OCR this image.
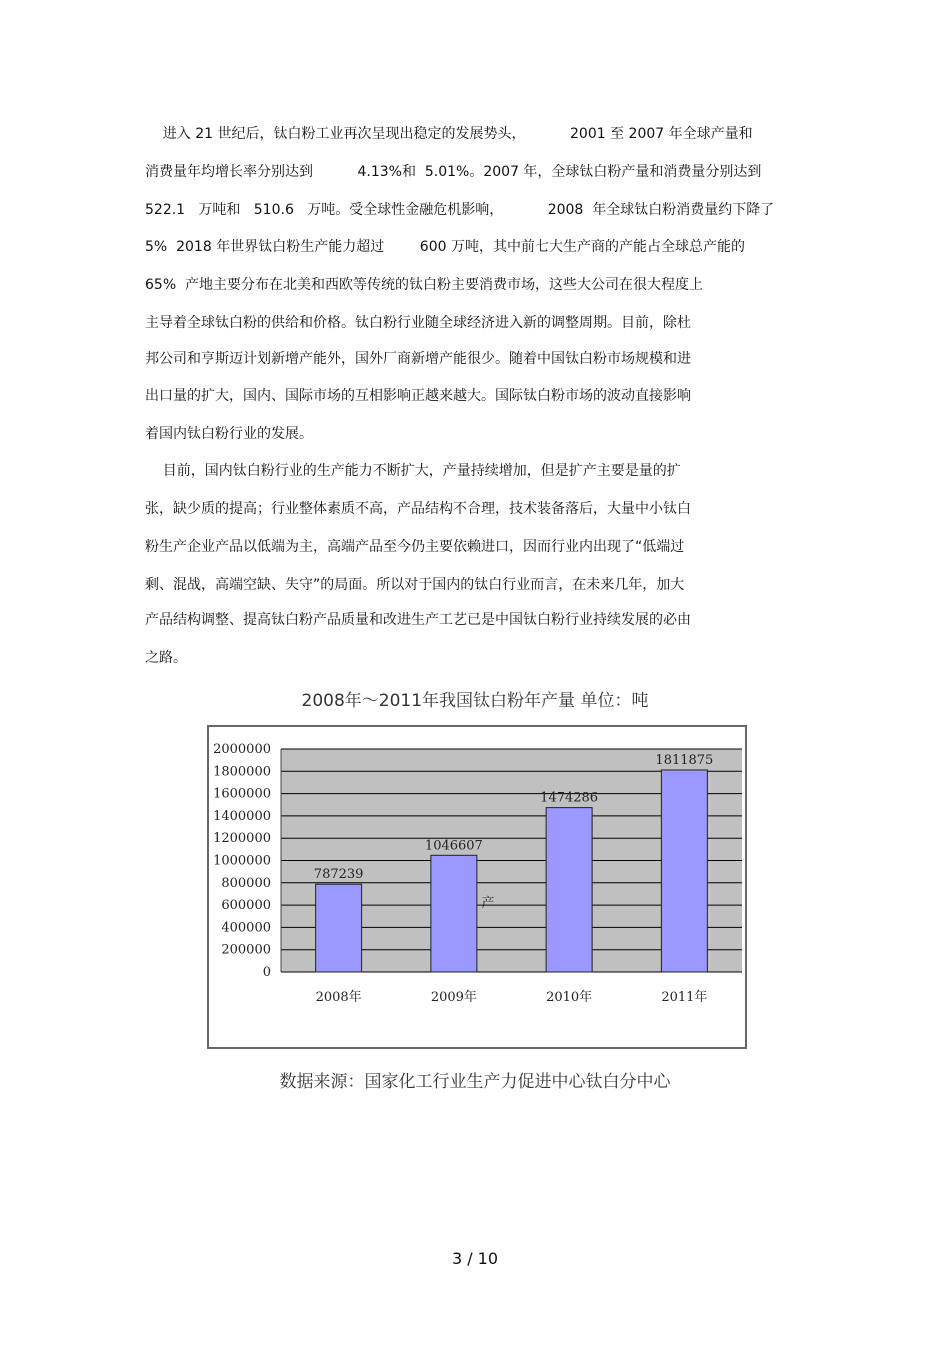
进入 21 世纪后，钛白粉工业再次呈现出稳定的发展势头，          2001 至 2007 年全球产量和
消费量年均增长率分别达到          4.13%和  5.01%。2007 年，全球钛白粉产量和消费量分别达到
522.1   万吨和   510.6   万吨。受全球性金融危机影响，          2008  年全球钛白粉消费量约下降了
5%  2018 年世界钛白粉生产能力超过        600 万吨，其中前七大生产商的产能占全球总产能的
65%  产地主要分布在北美和西欧等传统的钛白粉主要消费市场，这些大公司在很大程度上
主导着全球钛白粉的供给和价格。钛白粉行业随全球经济进入新的调整周期。目前，除杜
邦公司和亨斯迈计划新增产能外，国外厂商新增产能很少。随着中国钛白粉市场规模和进
出口量的扩大，国内、国际市场的互相影响正越来越大。国际钛白粉市场的波动直接影响
着国内钛白粉行业的发展。
目前，国内钛白粉行业的生产能力不断扩大，产量持续增加，但是扩产主要是量的扩
张，缺少质的提高；行业整体素质不高，产品结构不合理，技术装备落后，大量中小钛白
粉生产企业产品以低端为主，高端产品至今仍主要依赖进口，因而行业内出现了“低端过
剩、混战，高端空缺、失守”的局面。所以对于国内的钛白行业而言，在未来几年，加大
产品结构调整、提高钛白粉产品质量和改进生产工艺已是中国钛白粉行业持续发展的必由
之路。
2008年～2011年我国钛白粉年产量 单位：吨
2000000
1800000
1600000
1400000
1200000
1000000
800000
600000
400000
200000
0
787239
2008年
1046607
2009年
1474286
2010年
1811875
2011年
产
数据来源：国家化工行业生产力促进中心钛白分中心
3 / 10
